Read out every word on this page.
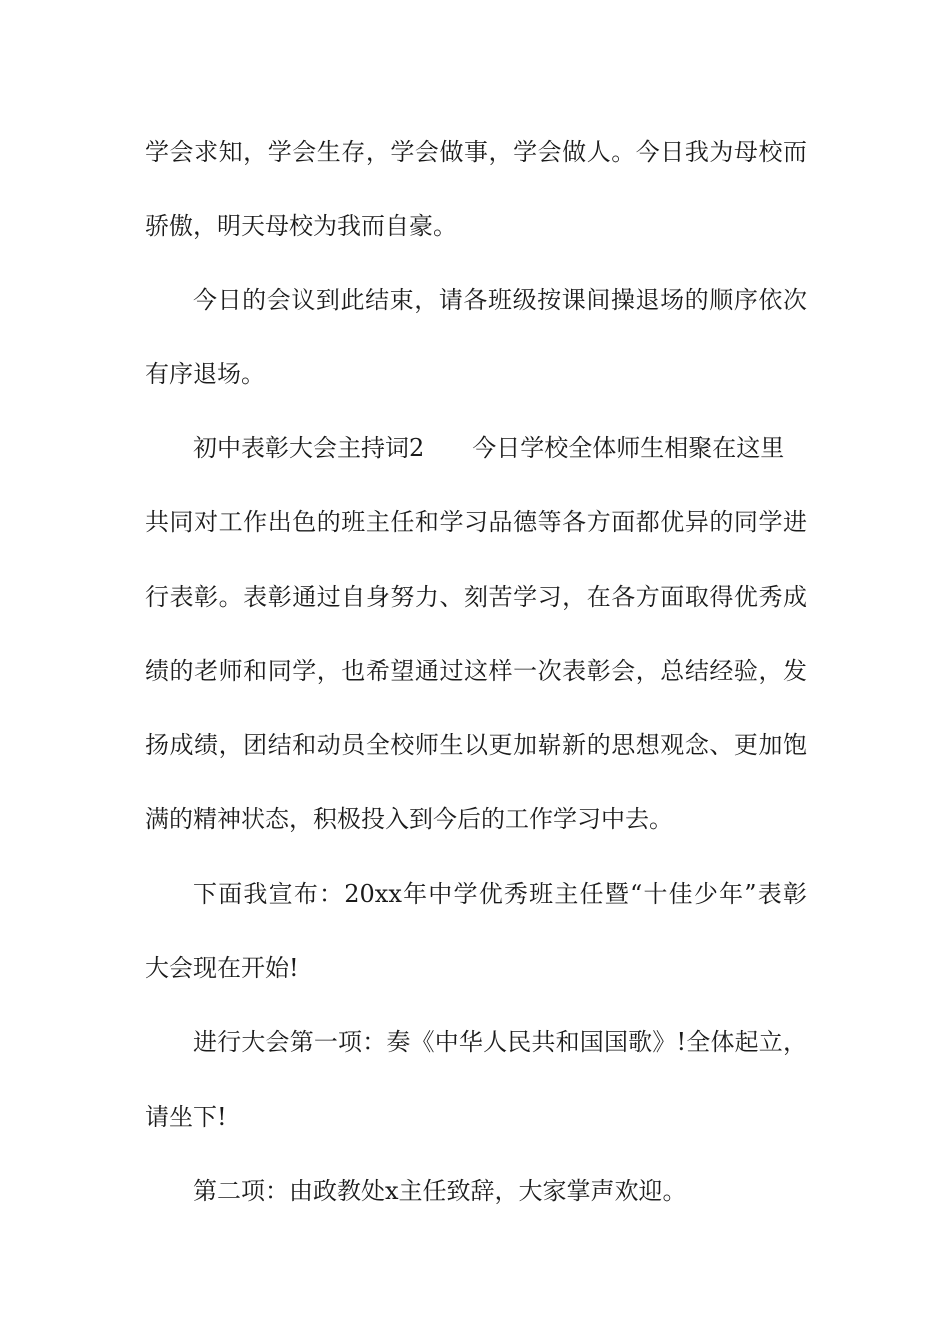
学会求知，学会生存，学会做事，学会做人。今日我为母校而
骄傲，明天母校为我而自豪。
今日的会议到此结束，请各班级按课间操退场的顺序依次
有序退场。
初中表彰大会主持词2 今日学校全体师生相聚在这里
共同对工作出色的班主任和学习品德等各方面都优异的同学进
行表彰。表彰通过自身努力、刻苦学习，在各方面取得优秀成
绩的老师和同学，也希望通过这样一次表彰会，总结经验，发
扬成绩，团结和动员全校师生以更加崭新的思想观念、更加饱
满的精神状态，积极投入到今后的工作学习中去。
下面我宣布：20xx年中学优秀班主任暨“十佳少年”表彰
大会现在开始!
进行大会第一项：奏《中华人民共和国国歌》!全体起立，
请坐下!
第二项：由政教处x主任致辞，大家掌声欢迎。
